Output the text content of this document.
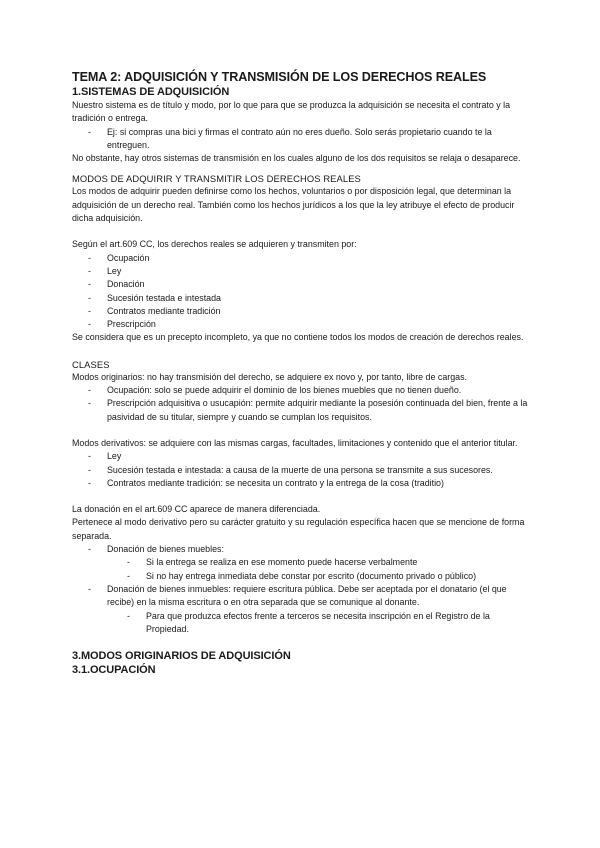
TEMA 2: ADQUISICIÓN Y TRANSMISIÓN DE LOS DERECHOS REALES
1.SISTEMAS DE ADQUISICIÓN

Nuestro sistema es de título y modo, por lo que para que se produzca la adquisición se necesita el contrato y la tradición o entrega.

-	Ej: si compras una bici y firmas el contrato aún no eres dueño. Solo serás propietario cuando te la entreguen.

No obstante, hay otros sistemas de transmisión en los cuales alguno de los dos requisitos se relaja o desaparece.

MODOS DE ADQUIRIR Y TRANSMITIR LOS DERECHOS REALES

Los modos de adquirir pueden definirse como los hechos, voluntarios o por disposición legal, que determinan la adquisición de un derecho real. También como los hechos jurídicos a los que la ley atribuye el efecto de producir dicha adquisición.

Según el art.609 CC, los derechos reales se adquieren y transmiten por:

-	Ocupación
-	Ley
-	Donación
-	Sucesión testada e intestada
-	Contratos mediante tradición
-	Prescripción

Se considera que es un precepto incompleto, ya que no contiene todos los modos de creación de derechos reales.

CLASES

Modos originarios: no hay transmisión del derecho, se adquiere ex novo y, por tanto, libre de cargas.

-	Ocupación: solo se puede adquirir el dominio de los bienes muebles que no tienen dueño.
-	Prescripción adquisitiva o usucapión: permite adquirir mediante la posesión continuada del bien, frente a la pasividad de su titular, siempre y cuando se cumplan los requisitos.

Modos derivativos: se adquiere con las mismas cargas, facultades, limitaciones y contenido que el anterior titular.

-	Ley
-	Sucesión testada e intestada: a causa de la muerte de una persona se transmite a sus sucesores.
-	Contratos mediante tradición: se necesita un contrato y la entrega de la cosa (traditio)

La donación en el art.609 CC aparece de manera diferenciada.

Pertenece al modo derivativo pero su carácter gratuito y su regulación específica hacen que se mencione de forma separada.

-	Donación de bienes muebles:
-	Si la entrega se realiza en ese momento puede hacerse verbalmente
-	Si no hay entrega inmediata debe constar por escrito (documento privado o público)
-	Donación de bienes inmuebles: requiere escritura pública. Debe ser aceptada por el donatario (el que recibe) en la misma escritura o en otra separada que se comunique al donante.
-	Para que produzca efectos frente a terceros se necesita inscripción en el Registro de la Propiedad.
3.MODOS ORIGINARIOS DE ADQUISICIÓN
3.1.OCUPACIÓN
